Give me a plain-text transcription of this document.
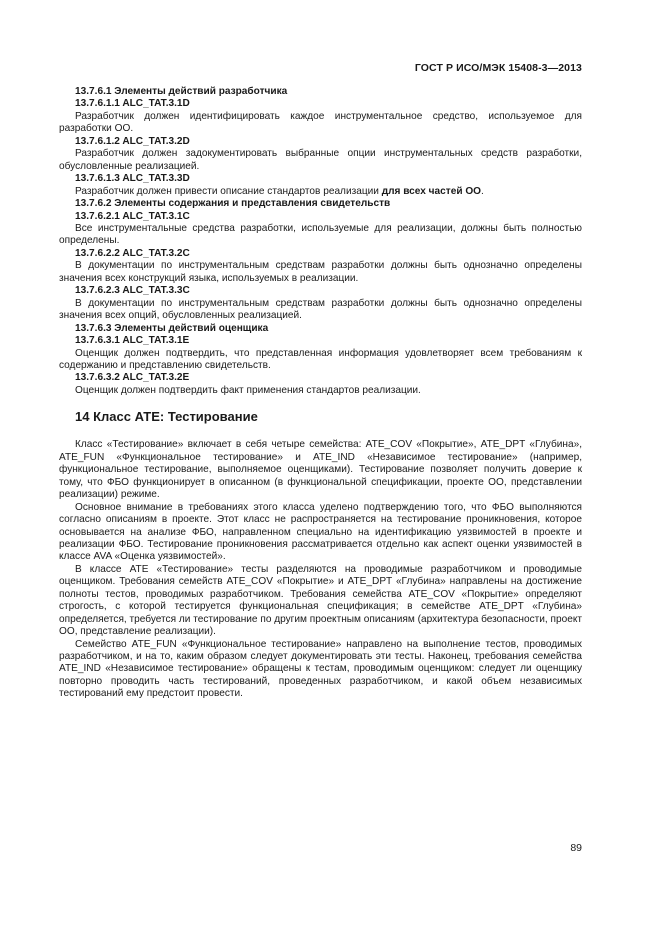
ГОСТ Р ИСО/МЭК 15408-3—2013

13.7.6.1 Элементы действий разработчика

13.7.6.1.1 ALC_TAT.3.1D

Разработчик должен идентифицировать каждое инструментальное средство, используемое для разработки ОО.

13.7.6.1.2 ALC_TAT.3.2D

Разработчик должен задокументировать выбранные опции инструментальных средств разработки, обусловленные реализацией.

13.7.6.1.3 ALC_TAT.3.3D

Разработчик должен привести описание стандартов реализации для всех частей ОО.

13.7.6.2 Элементы содержания и представления свидетельств

13.7.6.2.1 ALC_TAT.3.1C

Все инструментальные средства разработки, используемые для реализации, должны быть полностью определены.

13.7.6.2.2 ALC_TAT.3.2C

В документации по инструментальным средствам разработки должны быть однозначно определены значения всех конструкций языка, используемых в реализации.

13.7.6.2.3 ALC_TAT.3.3C

В документации по инструментальным средствам разработки должны быть однозначно определены значения всех опций, обусловленных реализацией.

13.7.6.3 Элементы действий оценщика

13.7.6.3.1 ALC_TAT.3.1E

Оценщик должен подтвердить, что представленная информация удовлетворяет всем требованиям к содержанию и представлению свидетельств.

13.7.6.3.2 ALC_TAT.3.2E

Оценщик должен подтвердить факт применения стандартов реализации.

14 Класс АТЕ: Тестирование

Класс «Тестирование» включает в себя четыре семейства: ATE_COV «Покрытие», ATE_DPT «Глубина», ATE_FUN «Функциональное тестирование» и ATE_IND «Независимое тестирование» (например, функциональное тестирование, выполняемое оценщиками). Тестирование позволяет получить доверие к тому, что ФБО функционирует в описанном (в функциональной спецификации, проекте ОО, представлении реализации) режиме.

Основное внимание в требованиях этого класса уделено подтверждению того, что ФБО выполняются согласно описаниям в проекте. Этот класс не распространяется на тестирование проникновения, которое основывается на анализе ФБО, направленном специально на идентификацию уязвимостей в проекте и реализации ФБО. Тестирование проникновения рассматривается отдельно как аспект оценки уязвимостей в классе AVA «Оценка уязвимостей».

В классе АТЕ «Тестирование» тесты разделяются на проводимые разработчиком и проводимые оценщиком. Требования семейств ATE_COV «Покрытие» и ATE_DPT «Глубина» направлены на достижение полноты тестов, проводимых разработчиком. Требования семейства ATE_COV «Покрытие» определяют строгость, с которой тестируется функциональная спецификация; в семействе ATE_DPT «Глубина» определяется, требуется ли тестирование по другим проектным описаниям (архитектура безопасности, проект ОО, представление реализации).

Семейство ATE_FUN «Функциональное тестирование» направлено на выполнение тестов, проводимых разработчиком, и на то, каким образом следует документировать эти тесты. Наконец, требования семейства ATE_IND «Независимое тестирование» обращены к тестам, проводимым оценщиком: следует ли оценщику повторно проводить часть тестирований, проведенных разработчиком, и какой объем независимых тестирований ему предстоит провести.

89
